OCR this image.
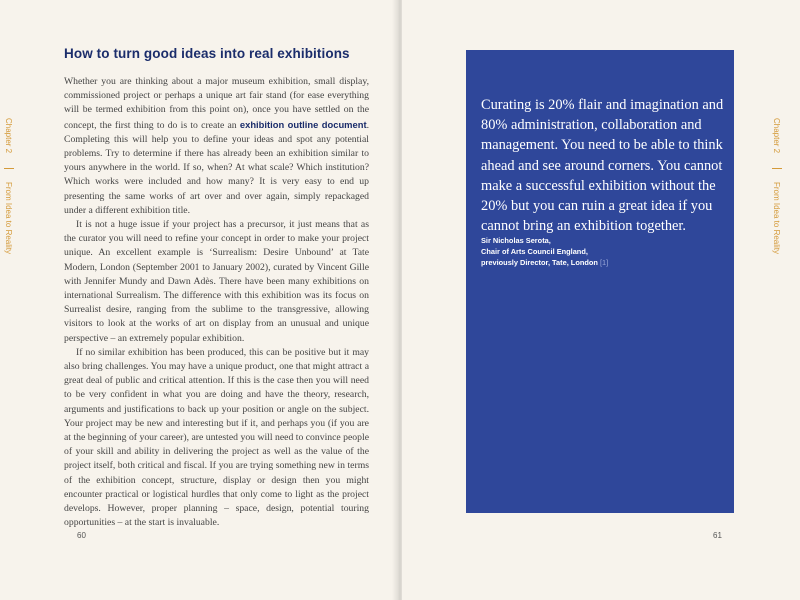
How to turn good ideas into real exhibitions

Whether you are thinking about a major museum exhibition, small display, commissioned project or perhaps a unique art fair stand (for ease everything will be termed exhibition from this point on), once you have settled on the concept, the first thing to do is to create an exhibition outline document. Completing this will help you to define your ideas and spot any potential problems. Try to determine if there has already been an exhibition similar to yours anywhere in the world. If so, when? At what scale? Which institution? Which works were included and how many? It is very easy to end up presenting the same works of art over and over again, simply repackaged under a different exhibition title.

It is not a huge issue if your project has a precursor, it just means that as the curator you will need to refine your concept in order to make your project unique. An excellent example is ‘Surrealism: Desire Unbound’ at Tate Modern, London (September 2001 to January 2002), curated by Vincent Gille with Jennifer Mundy and Dawn Adès. There have been many exhibitions on international Surrealism. The difference with this exhibition was its focus on Surrealist desire, ranging from the sublime to the transgressive, allowing visitors to look at the works of art on display from an unusual and unique perspective – an extremely popular exhibition.

If no similar exhibition has been produced, this can be positive but it may also bring challenges. You may have a unique product, one that might attract a great deal of public and critical attention. If this is the case then you will need to be very confident in what you are doing and have the theory, research, arguments and justifications to back up your position or angle on the subject. Your project may be new and interesting but if it, and perhaps you (if you are at the beginning of your career), are untested you will need to convince people of your skill and ability in delivering the project as well as the value of the project itself, both critical and fiscal. If you are trying something new in terms of the exhibition concept, structure, display or design then you might encounter practical or logistical hurdles that only come to light as the project develops. However, proper planning – space, design, potential touring opportunities – at the start is invaluable.

Chapter 2
From Idea to Reality
60	61
Chapter 2
From Idea to Reality
Curating is 20% flair and imagination and 80% administration, collaboration and management. You need to be able to think ahead and see around corners. You cannot make a successful exhibition without the 20% but you can ruin a great idea if you cannot bring an exhibition together.
Sir Nicholas Serota,
Chair of Arts Council England,
previously Director, Tate, London [1]
